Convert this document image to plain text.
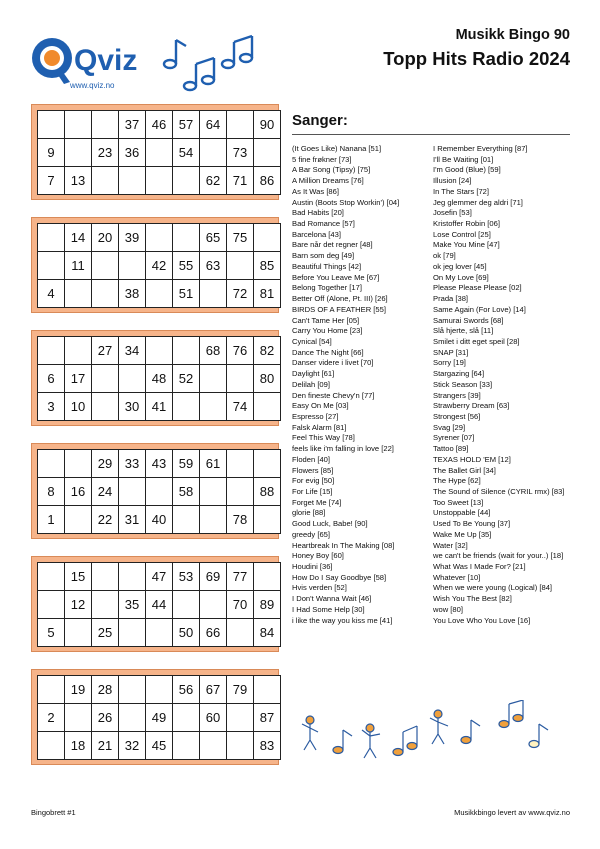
Qviz
www.qviz.no
Musikk Bingo 90
Topp Hits Radio 2024
			37	46	57	64		90
9		23	36		54		73	
7	13					62	71	86
	14	20	39			65	75	
	11			42	55	63		85
4			38		51		72	81
		27	34			68	76	82
6	17			48	52			80
3	10		30	41			74	
		29	33	43	59	61		
8	16	24			58			88
1		22	31	40			78	
	15			47	53	69	77	
	12		35	44			70	89
5		25			50	66		84
	19	28			56	67	79	
2		26		49		60		87
	18	21	32	45				83
Sanger:
(It Goes Like) Nanana [51]
5 fine frøkner [73]
A Bar Song (Tipsy) [75]
A Million Dreams [76]
As It Was [86]
Austin (Boots Stop Workin') [04]
Bad Habits [20]
Bad Romance [57]
Barcelona [43]
Bare når det regner [48]
Barn som deg [49]
Beautiful Things [42]
Before You Leave Me [67]
Belong Together [17]
Better Off (Alone, Pt. III) [26]
BIRDS OF A FEATHER [55]
Can't Tame Her [05]
Carry You Home [23]
Cynical [54]
Dance The Night [66]
Danser videre i livet [70]
Daylight [61]
Delilah [09]
Den fineste Chevy'n [77]
Easy On Me [03]
Espresso [27]
Falsk Alarm [81]
Feel This Way [78]
feels like i'm falling in love [22]
Floden [40]
Flowers [85]
For evig [50]
For Life [15]
Forget Me [74]
glorie [88]
Good Luck, Babe! [90]
greedy [65]
Heartbreak In The Making [08]
Honey Boy [60]
Houdini [36]
How Do I Say Goodbye [58]
Hvis verden [52]
I Don't Wanna Wait [46]
I Had Some Help [30]
i like the way you kiss me [41]
I Remember Everything [87]
I'll Be Waiting [01]
I'm Good (Blue) [59]
Illusion [24]
In The Stars [72]
Jeg glemmer deg aldri [71]
Josefin [53]
Kristoffer Robin [06]
Lose Control [25]
Make You Mine [47]
ok [79]
ok jeg lover [45]
On My Love [69]
Please Please Please [02]
Prada [38]
Same Again (For Love) [14]
Samurai Swords [68]
Slå hjerte, slå [11]
Smilet i ditt eget speil [28]
SNAP [31]
Sorry [19]
Stargazing [64]
Stick Season [33]
Strangers [39]
Strawberry Dream [63]
Strongest [56]
Svag [29]
Syrener [07]
Tattoo [89]
TEXAS HOLD 'EM [12]
The Ballet Girl [34]
The Hype [62]
The Sound of Silence (CYRIL rmx) [83]
Too Sweet [13]
Unstoppable [44]
Used To Be Young [37]
Wake Me Up [35]
Water [32]
we can't be friends (wait for your..) [18]
What Was I Made For? [21]
Whatever [10]
When we were young (Logical) [84]
Wish You The Best [82]
wow [80]
You Love Who You Love [16]
Bingobrett #1	Musikkbingo levert av www.qviz.no
